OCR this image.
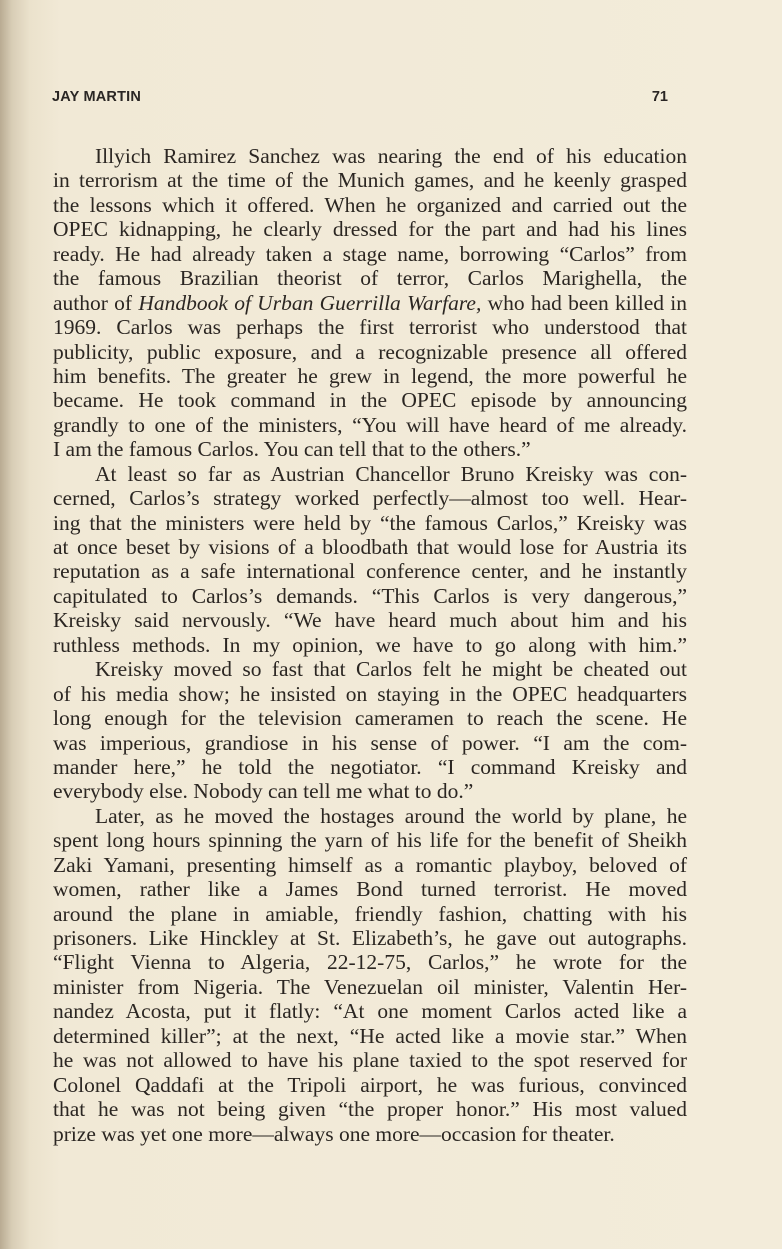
JAY MARTIN	71
Illyich Ramirez Sanchez was nearing the end of his education
in terrorism at the time of the Munich games, and he keenly grasped
the lessons which it offered. When he organized and carried out the
OPEC kidnapping, he clearly dressed for the part and had his lines
ready. He had already taken a stage name, borrowing “Carlos” from
the famous Brazilian theorist of terror, Carlos Marighella, the
author of Handbook of Urban Guerrilla Warfare, who had been killed in
1969. Carlos was perhaps the first terrorist who understood that
publicity, public exposure, and a recognizable presence all offered
him benefits. The greater he grew in legend, the more powerful he
became. He took command in the OPEC episode by announcing
grandly to one of the ministers, “You will have heard of me already.
I am the famous Carlos. You can tell that to the others.”
At least so far as Austrian Chancellor Bruno Kreisky was con-
cerned, Carlos’s strategy worked perfectly—almost too well. Hear-
ing that the ministers were held by “the famous Carlos,” Kreisky was
at once beset by visions of a bloodbath that would lose for Austria its
reputation as a safe international conference center, and he instantly
capitulated to Carlos’s demands. “This Carlos is very dangerous,”
Kreisky said nervously. “We have heard much about him and his
ruthless methods. In my opinion, we have to go along with him.”
Kreisky moved so fast that Carlos felt he might be cheated out
of his media show; he insisted on staying in the OPEC headquarters
long enough for the television cameramen to reach the scene. He
was imperious, grandiose in his sense of power. “I am the com-
mander here,” he told the negotiator. “I command Kreisky and
everybody else. Nobody can tell me what to do.”
Later, as he moved the hostages around the world by plane, he
spent long hours spinning the yarn of his life for the benefit of Sheikh
Zaki Yamani, presenting himself as a romantic playboy, beloved of
women, rather like a James Bond turned terrorist. He moved
around the plane in amiable, friendly fashion, chatting with his
prisoners. Like Hinckley at St. Elizabeth’s, he gave out autographs.
“Flight Vienna to Algeria, 22-12-75, Carlos,” he wrote for the
minister from Nigeria. The Venezuelan oil minister, Valentin Her-
nandez Acosta, put it flatly: “At one moment Carlos acted like a
determined killer”; at the next, “He acted like a movie star.” When
he was not allowed to have his plane taxied to the spot reserved for
Colonel Qaddafi at the Tripoli airport, he was furious, convinced
that he was not being given “the proper honor.” His most valued
prize was yet one more—always one more—occasion for theater.
